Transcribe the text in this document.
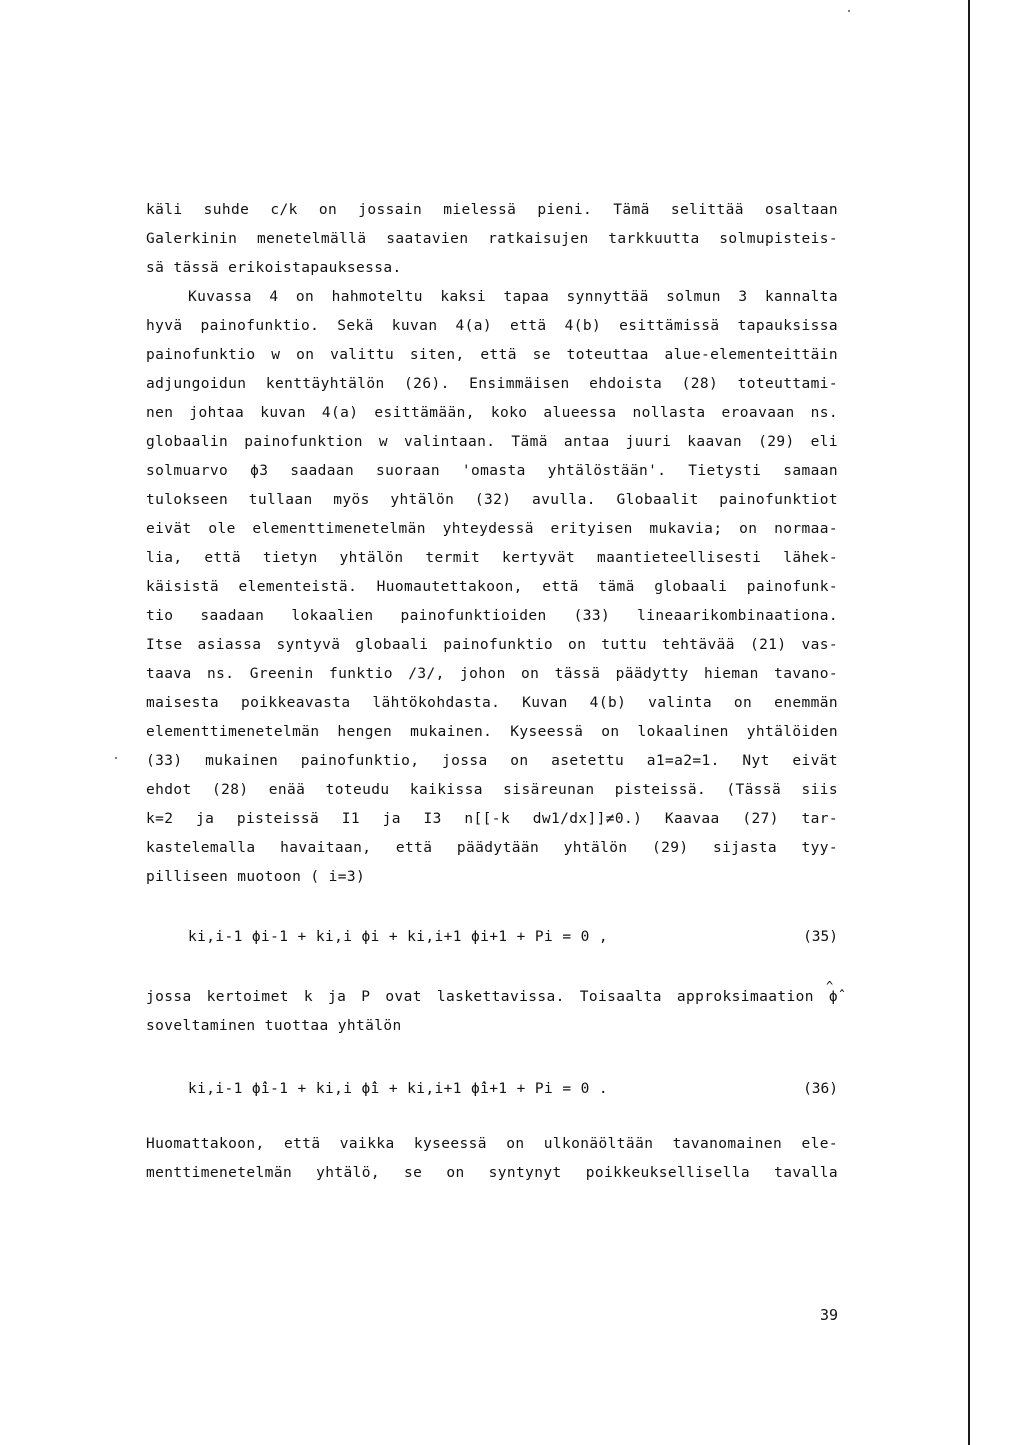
käli suhde c/k on jossain mielessä pieni. Tämä selittää osaltaan
Galerkinin menetelmällä saatavien ratkaisujen tarkkuutta solmupisteis-
sä tässä erikoistapauksessa.
Kuvassa 4 on hahmoteltu kaksi tapaa synnyttää solmun 3 kannalta
hyvä painofunktio. Sekä kuvan 4(a) että 4(b) esittämissä tapauksissa
painofunktio w on valittu siten, että se toteuttaa alue-elementeittäin
adjungoidun kenttäyhtälön (26). Ensimmäisen ehdoista (28) toteuttami-
nen johtaa kuvan 4(a) esittämään, koko alueessa nollasta eroavaan ns.
globaalin painofunktion w valintaan. Tämä antaa juuri kaavan (29) eli
solmuarvo ϕ3 saadaan suoraan 'omasta yhtälöstään'. Tietysti samaan
tulokseen tullaan myös yhtälön (32) avulla. Globaalit painofunktiot
eivät ole elementtimenetelmän yhteydessä erityisen mukavia; on normaa-
lia, että tietyn yhtälön termit kertyvät maantieteellisesti lähek-
käisistä elementeistä. Huomautettakoon, että tämä globaali painofunk-
tio saadaan lokaalien painofunktioiden (33) lineaarikombinaationa.
Itse asiassa syntyvä globaali painofunktio on tuttu tehtävää (21) vas-
taava ns. Greenin funktio /3/, johon on tässä päädytty hieman tavano-
maisesta poikkeavasta lähtökohdasta. Kuvan 4(b) valinta on enemmän
elementtimenetelmän hengen mukainen. Kyseessä on lokaalinen yhtälöiden
(33) mukainen painofunktio, jossa on asetettu a1=a2=1. Nyt eivät
ehdot (28) enää toteudu kaikissa sisäreunan pisteissä. (Tässä siis
k=2 ja pisteissä I1 ja I3 n[[-k dw1/dx]]≠0.) Kaavaa (27) tar-
kastelemalla havaitaan, että päädytään yhtälön (29) sijasta tyy-
pilliseen muotoon ( i=3)
ki,i-1 ϕi-1 + ki,i ϕi + ki,i+1 ϕi+1 + Pi = 0 ,	(35)
^
jossa kertoimet k ja P ovat laskettavissa. Toisaalta approksimaation ϕ̂
soveltaminen tuottaa yhtälön
ki,i-1 ϕ̂i-1 + ki,i ϕ̂i + ki,i+1 ϕ̂i+1 + Pi = 0 .	(36)
Huomattakoon, että vaikka kyseessä on ulkonäöltään tavanomainen ele-
menttimenetelmän yhtälö, se on syntynyt poikkeuksellisella tavalla
39
